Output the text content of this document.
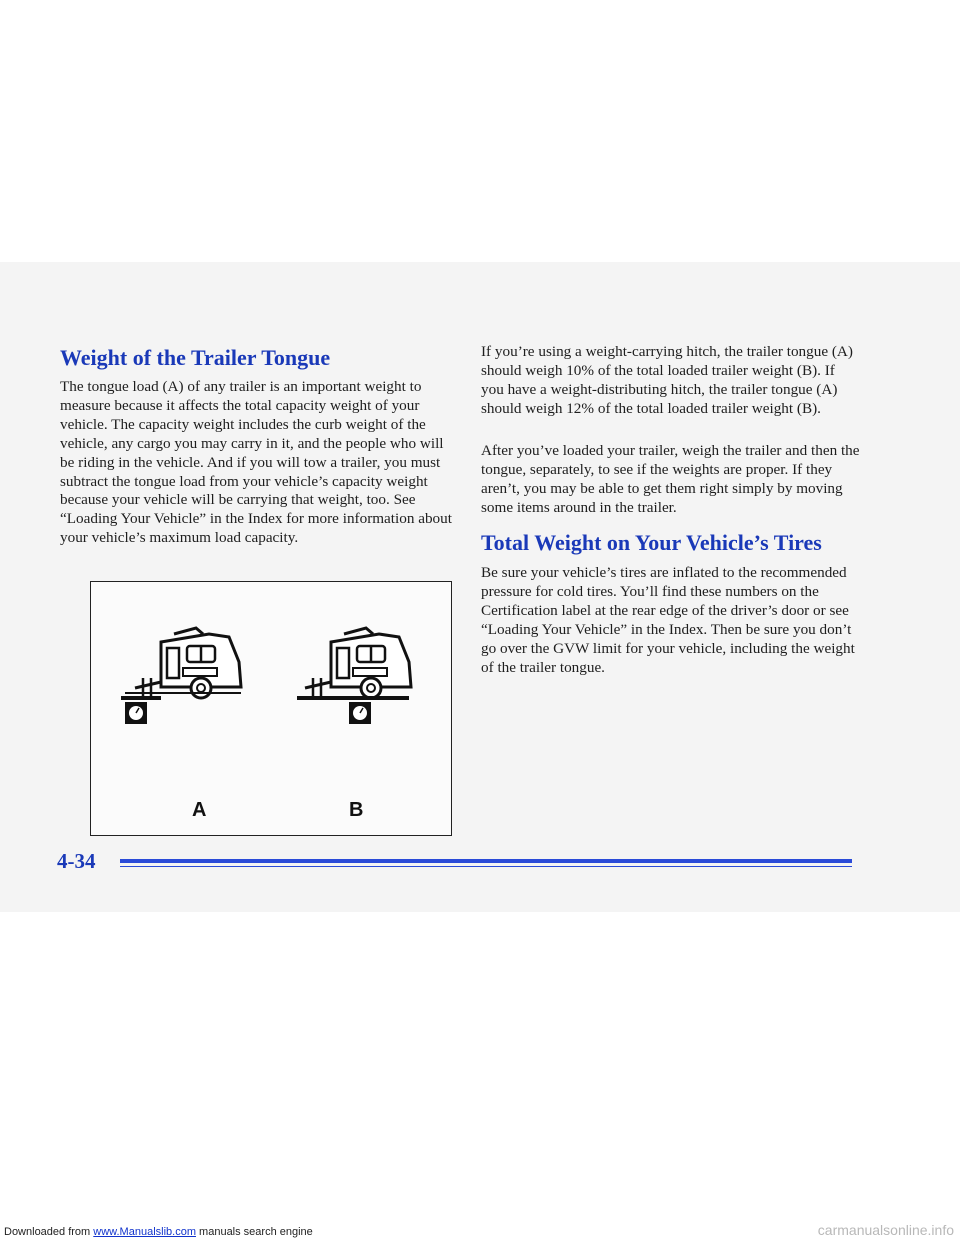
Weight of the Trailer Tongue

The tongue load (A) of any trailer is an important weight to measure because it affects the total capacity weight of your vehicle. The capacity weight includes the curb weight of the vehicle, any cargo you may carry in it, and the people who will be riding in the vehicle. And if you will tow a trailer, you must subtract the tongue load from your vehicle’s capacity weight because your vehicle will be carrying that weight, too. See “Loading Your Vehicle” in the Index for more information about your vehicle’s maximum load capacity.

A	B

If you’re using a weight-carrying hitch, the trailer tongue (A) should weigh 10% of the total loaded trailer weight (B). If you have a weight-distributing hitch, the trailer tongue (A) should weigh 12% of the total loaded trailer weight (B).

After you’ve loaded your trailer, weigh the trailer and then the tongue, separately, to see if the weights are proper. If they aren’t, you may be able to get them right simply by moving some items around in the trailer.

Total Weight on Your Vehicle’s Tires

Be sure your vehicle’s tires are inflated to the recommended pressure for cold tires. You’ll find these numbers on the Certification label at the rear edge of the driver’s door or see “Loading Your Vehicle” in the Index. Then be sure you don’t go over the GVW limit for your vehicle, including the weight of the trailer tongue.

4-34
Downloaded from www.Manualslib.com manuals search engine	carmanualsonline.info
